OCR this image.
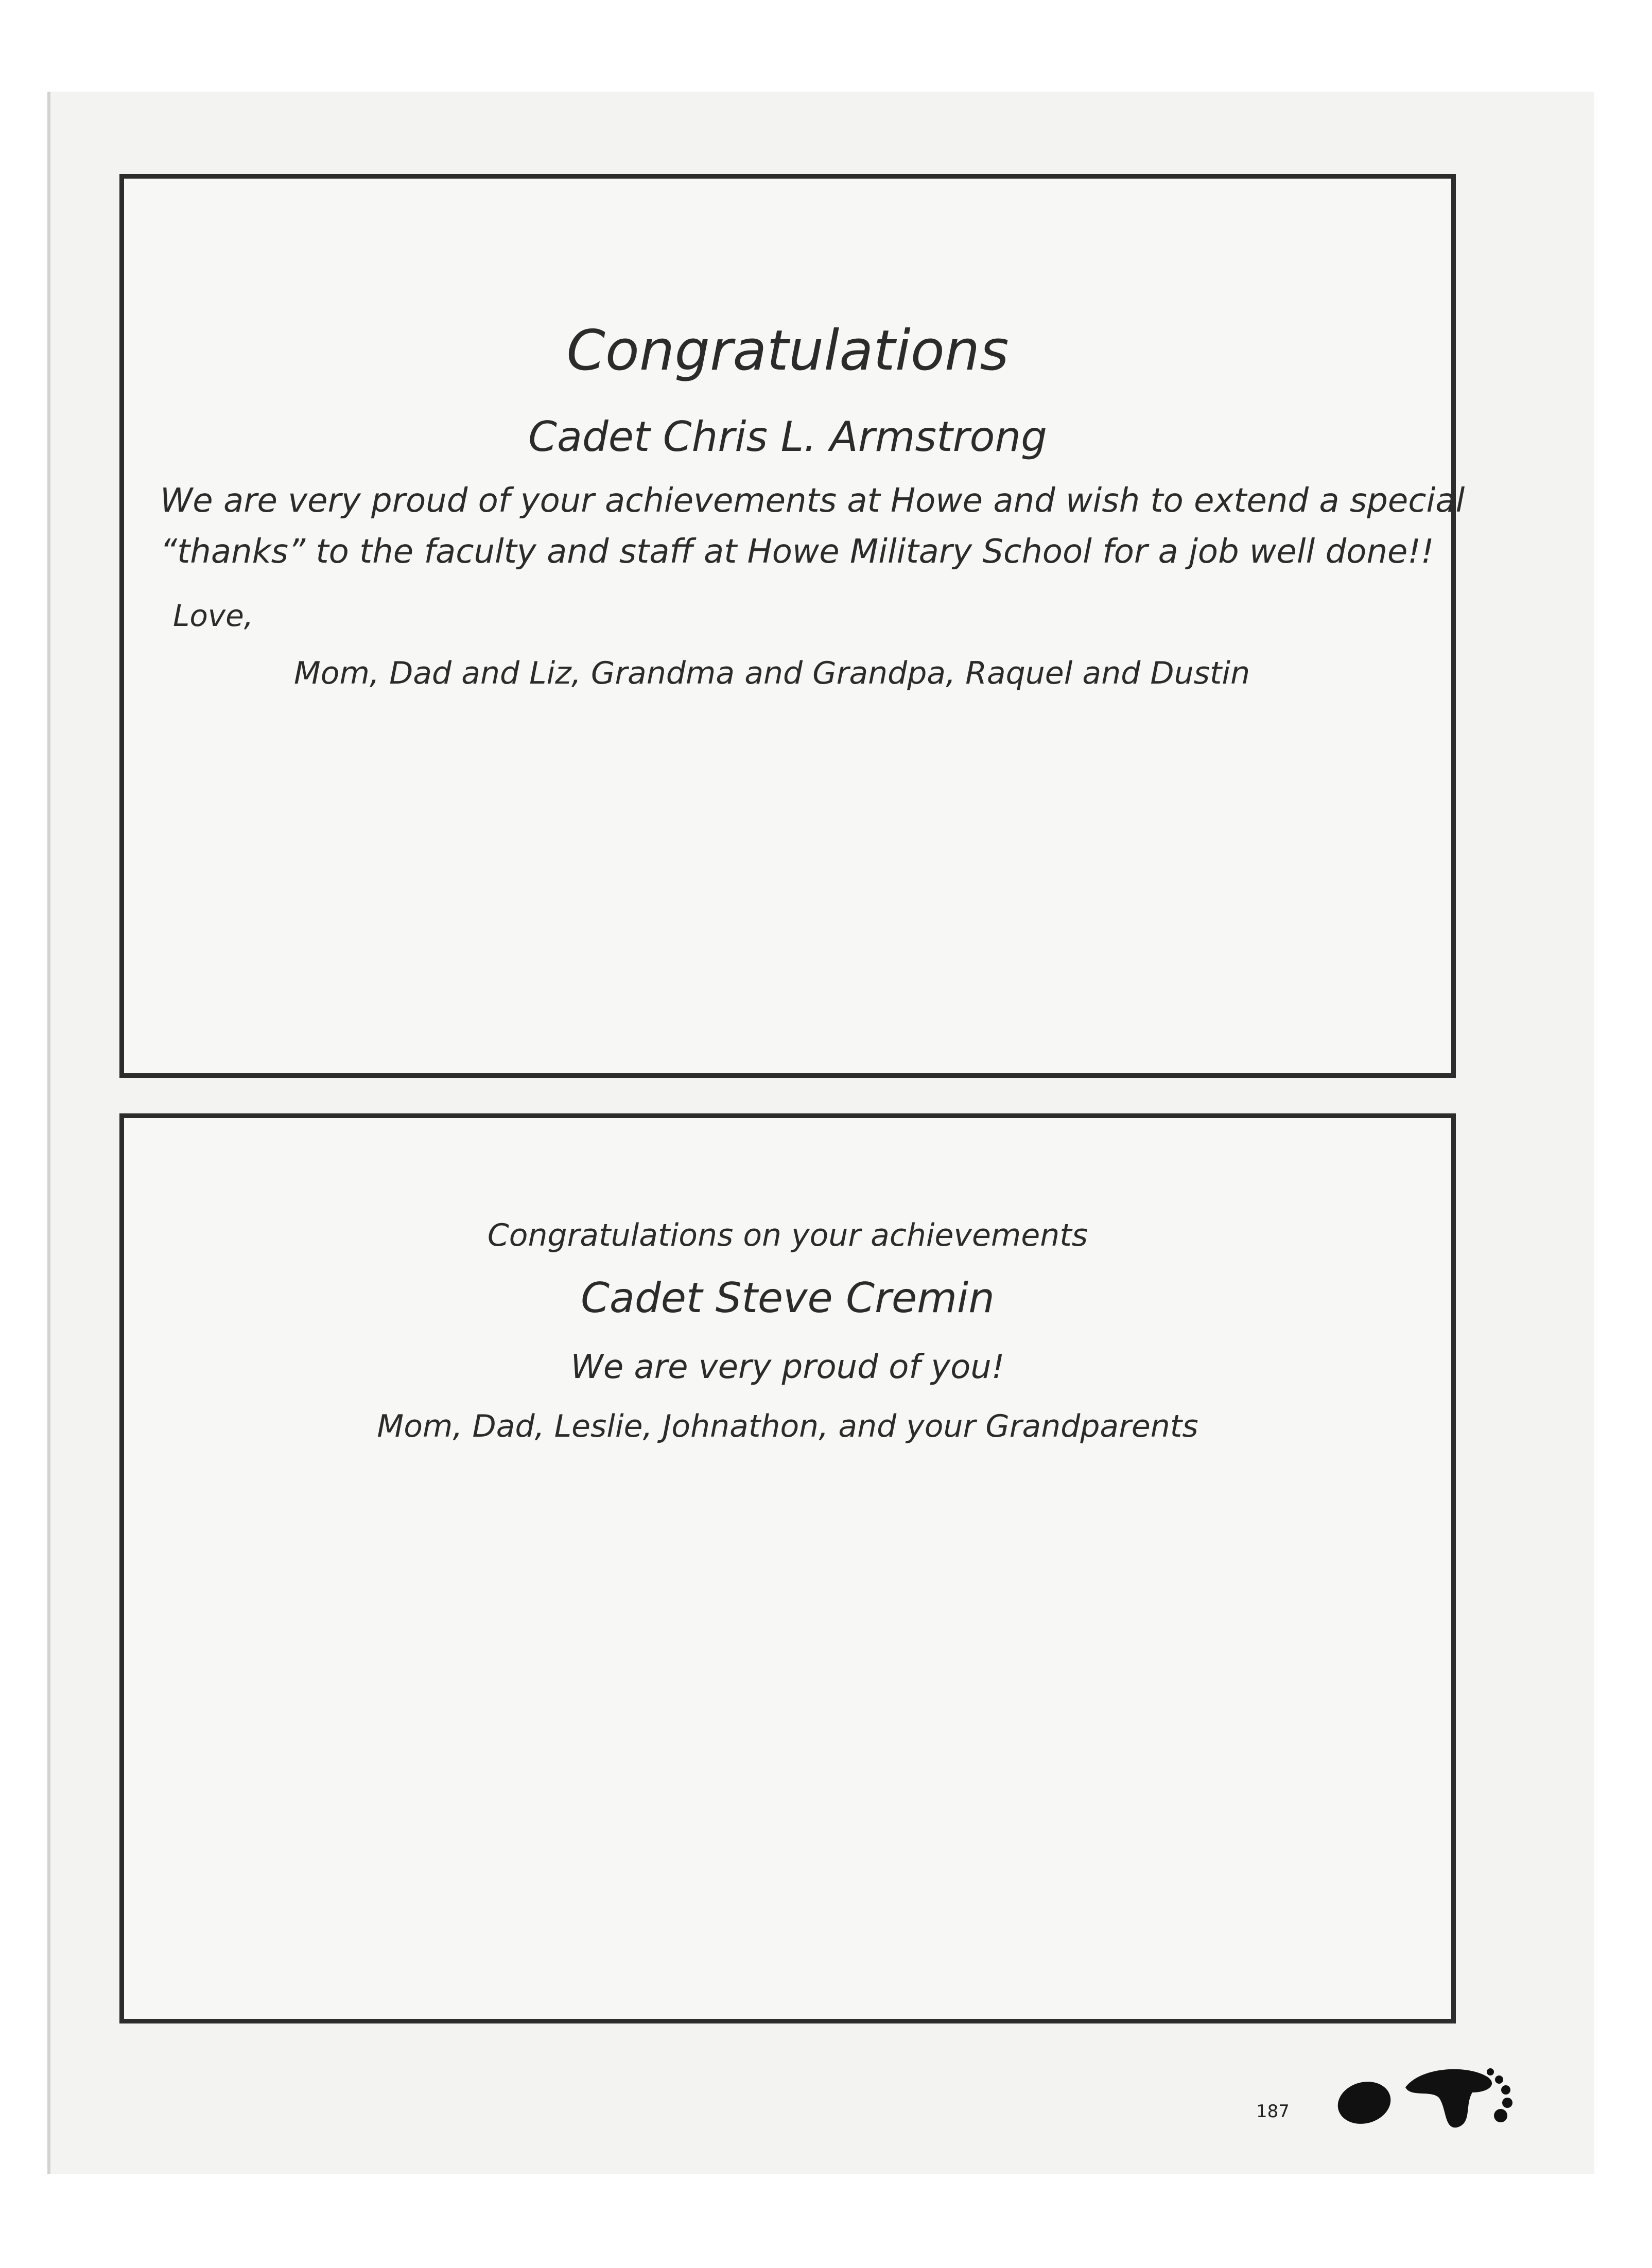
Congratulations

Cadet Chris L. Armstrong

We are very proud of your achievements at Howe and wish to extend a special

“thanks” to the faculty and staff at Howe Military School for a job well done!!

Love,

Mom, Dad and Liz, Grandma and Grandpa, Raquel and Dustin

Congratulations on your achievements

Cadet Steve Cremin

We are very proud of you!

Mom, Dad, Leslie, Johnathon, and your Grandparents

187
